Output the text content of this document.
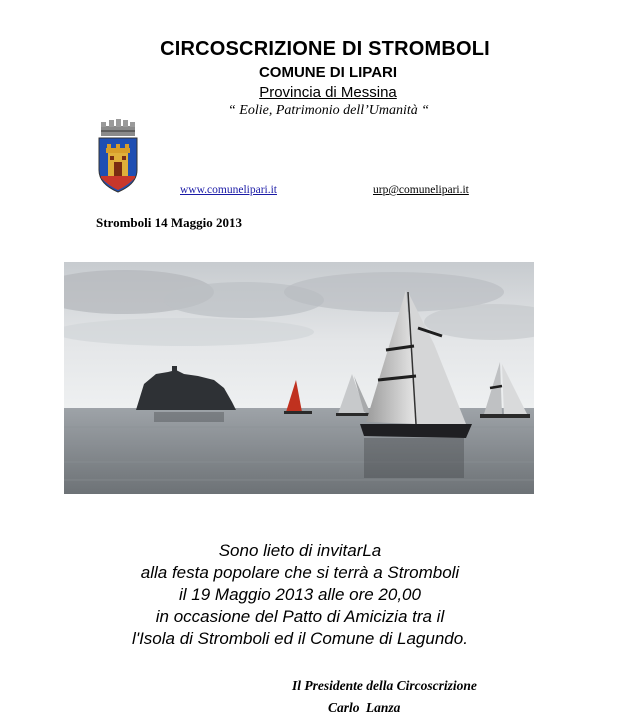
CIRCOSCRIZIONE DI STROMBOLI
COMUNE DI LIPARI
Provincia di Messina
“ Eolie, Patrimonio dell’Umanità “
www.comunelipari.it	urp@comunelipari.it
Stromboli 14 Maggio 2013
Sono lieto di invitarLa
alla festa popolare che si terrà a Stromboli
il 19 Maggio 2013 alle ore 20,00
in occasione del Patto di Amicizia tra il
l'Isola di Stromboli ed il Comune di Lagundo.
Il Presidente della Circoscrizione
Carlo Lanza
